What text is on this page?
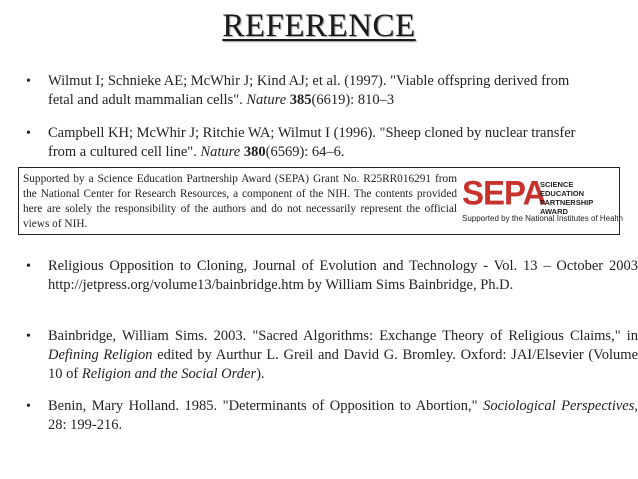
REFERENCE
• Wilmut I; Schnieke AE; McWhir J; Kind AJ; et al. (1997). "Viable offspring derived from
fetal and adult mammalian cells". Nature 385(6619): 810–3
• Campbell KH; McWhir J; Ritchie WA; Wilmut I (1996). "Sheep cloned by nuclear transfer
from a cultured cell line". Nature 380(6569): 64–6.
Supported by a Science Education Partnership Award (SEPA) Grant No. R25RR016291 from the National Center for Research Resources, a component of the NIH. The contents provided here are solely the responsibility of the authors and do not necessarily represent the official views of NIH.
SEPA
SCIENCE EDUCATION
PARTNERSHIP AWARD
Supported by the National Institutes of Health
• Religious Opposition to Cloning, Journal of Evolution and Technology - Vol. 13 – October 2003 http://jetpress.org/volume13/bainbridge.htm by William Sims Bainbridge, Ph.D.
• Bainbridge, William Sims. 2003. "Sacred Algorithms: Exchange Theory of Religious Claims," in Defining Religion edited by Aurthur L. Greil and David G. Bromley. Oxford: JAI/Elsevier (Volume 10 of Religion and the Social Order).
• Benin, Mary Holland. 1985. "Determinants of Opposition to Abortion," Sociological Perspectives, 28: 199-216.
